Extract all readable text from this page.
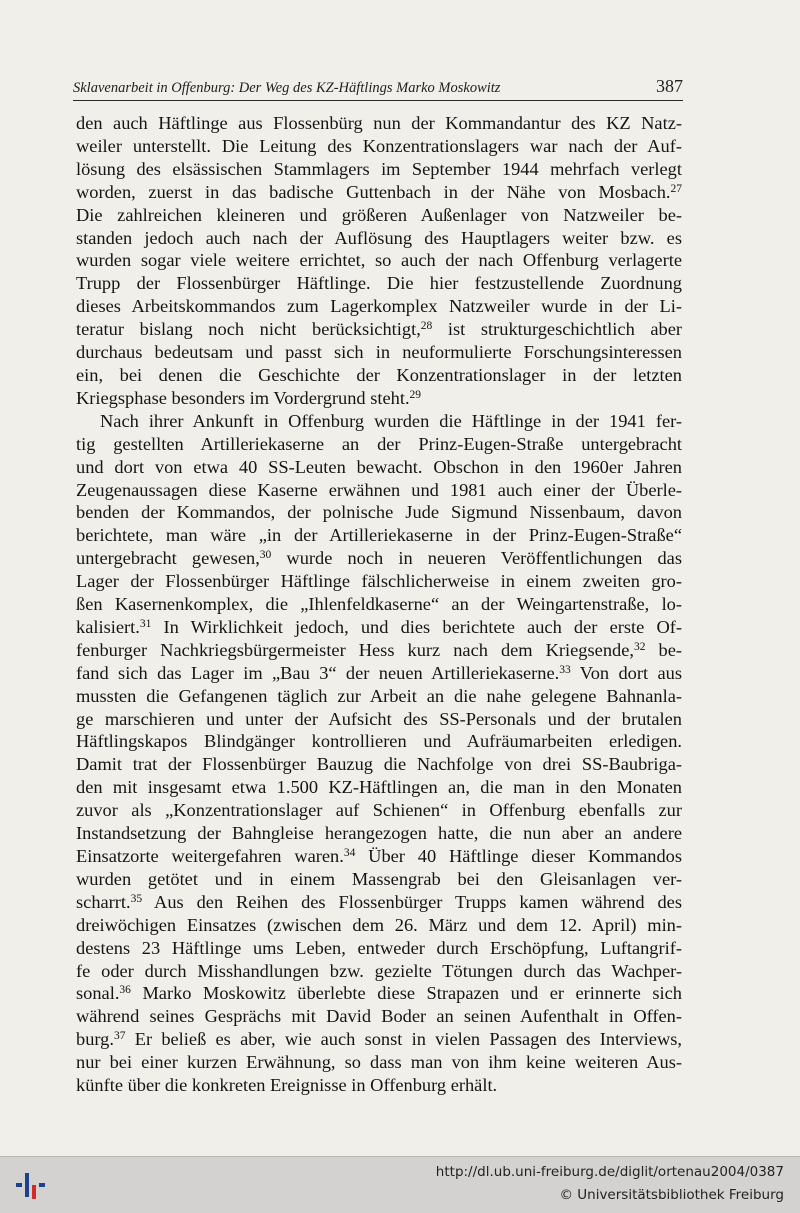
Sklavenarbeit in Offenburg: Der Weg des KZ-Häftlings Marko Moskowitz	387
den auch Häftlinge aus Flossenbürg nun der Kommandantur des KZ Natz-
weiler unterstellt. Die Leitung des Konzentrationslagers war nach der Auf-
lösung des elsässischen Stammlagers im September 1944 mehrfach verlegt
worden, zuerst in das badische Guttenbach in der Nähe von Mosbach.$^{27}$
Die zahlreichen kleineren und größeren Außenlager von Natzweiler be-
standen jedoch auch nach der Auflösung des Hauptlagers weiter bzw. es
wurden sogar viele weitere errichtet, so auch der nach Offenburg verlagerte
Trupp der Flossenbürger Häftlinge. Die hier festzustellende Zuordnung
dieses Arbeitskommandos zum Lagerkomplex Natzweiler wurde in der Li-
teratur bislang noch nicht berücksichtigt,$^{28}$ ist strukturgeschichtlich aber
durchaus bedeutsam und passt sich in neuformulierte Forschungsinteressen
ein, bei denen die Geschichte der Konzentrationslager in der letzten
Kriegsphase besonders im Vordergrund steht.$^{29}$
Nach ihrer Ankunft in Offenburg wurden die Häftlinge in der 1941 fer-
tig gestellten Artilleriekaserne an der Prinz-Eugen-Straße untergebracht
und dort von etwa 40 SS-Leuten bewacht. Obschon in den 1960er Jahren
Zeugenaussagen diese Kaserne erwähnen und 1981 auch einer der Überle-
benden der Kommandos, der polnische Jude Sigmund Nissenbaum, davon
berichtete, man wäre „in der Artilleriekaserne in der Prinz-Eugen-Straße“
untergebracht gewesen,$^{30}$ wurde noch in neueren Veröffentlichungen das
Lager der Flossenbürger Häftlinge fälschlicherweise in einem zweiten gro-
ßen Kasernenkomplex, die „Ihlenfeldkaserne“ an der Weingartenstraße, lo-
kalisiert.$^{31}$ In Wirklichkeit jedoch, und dies berichtete auch der erste Of-
fenburger Nachkriegsbürgermeister Hess kurz nach dem Kriegsende,$^{32}$ be-
fand sich das Lager im „Bau 3“ der neuen Artilleriekaserne.$^{33}$ Von dort aus
mussten die Gefangenen täglich zur Arbeit an die nahe gelegene Bahnanla-
ge marschieren und unter der Aufsicht des SS-Personals und der brutalen
Häftlingskapos Blindgänger kontrollieren und Aufräumarbeiten erledigen.
Damit trat der Flossenbürger Bauzug die Nachfolge von drei SS-Baubriga-
den mit insgesamt etwa 1.500 KZ-Häftlingen an, die man in den Monaten
zuvor als „Konzentrationslager auf Schienen“ in Offenburg ebenfalls zur
Instandsetzung der Bahngleise herangezogen hatte, die nun aber an andere
Einsatzorte weitergefahren waren.$^{34}$ Über 40 Häftlinge dieser Kommandos
wurden getötet und in einem Massengrab bei den Gleisanlagen ver-
scharrt.$^{35}$ Aus den Reihen des Flossenbürger Trupps kamen während des
dreiwöchigen Einsatzes (zwischen dem 26. März und dem 12. April) min-
destens 23 Häftlinge ums Leben, entweder durch Erschöpfung, Luftangrif-
fe oder durch Misshandlungen bzw. gezielte Tötungen durch das Wachper-
sonal.$^{36}$ Marko Moskowitz überlebte diese Strapazen und er erinnerte sich
während seines Gesprächs mit David Boder an seinen Aufenthalt in Offen-
burg.$^{37}$ Er beließ es aber, wie auch sonst in vielen Passagen des Interviews,
nur bei einer kurzen Erwähnung, so dass man von ihm keine weiteren Aus-
künfte über die konkreten Ereignisse in Offenburg erhält.
http://dl.ub.uni-freiburg.de/diglit/ortenau2004/0387
© Universitätsbibliothek Freiburg
